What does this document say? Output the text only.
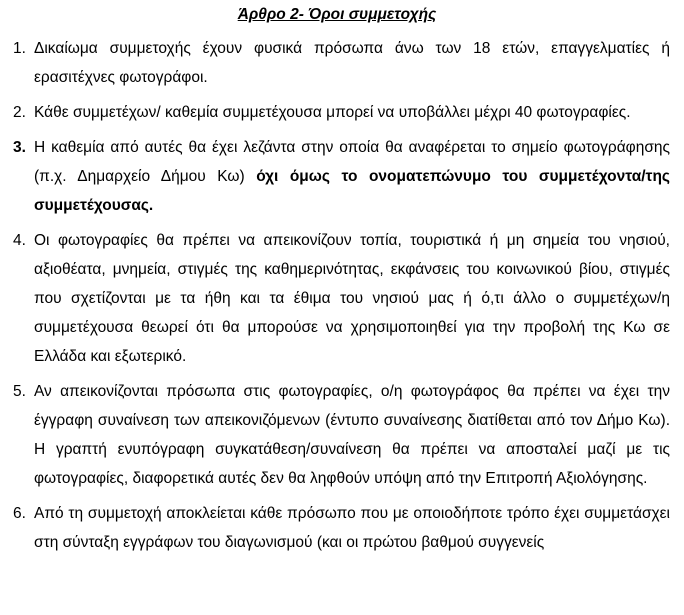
Άρθρο 2- Όροι συμμετοχής
1. Δικαίωμα συμμετοχής έχουν φυσικά πρόσωπα άνω των 18 ετών, επαγγελματίες ή ερασιτέχνες φωτογράφοι.
2. Κάθε συμμετέχων/ καθεμία συμμετέχουσα μπορεί να υποβάλλει μέχρι 40 φωτογραφίες.
3. Η καθεμία από αυτές θα έχει λεζάντα στην οποία θα αναφέρεται το σημείο φωτογράφησης (π.χ. Δημαρχείο Δήμου Κω) όχι όμως το ονοματεπώνυμο του συμμετέχοντα/της συμμετέχουσας.
4. Οι φωτογραφίες θα πρέπει να απεικονίζουν τοπία, τουριστικά ή μη σημεία του νησιού, αξιοθέατα, μνημεία, στιγμές της καθημερινότητας, εκφάνσεις του κοινωνικού βίου, στιγμές που σχετίζονται με τα ήθη και τα έθιμα του νησιού μας ή ό,τι άλλο ο συμμετέχων/η συμμετέχουσα θεωρεί ότι θα μπορούσε να χρησιμοποιηθεί για την προβολή της Κω σε Ελλάδα και εξωτερικό.
5. Αν απεικονίζονται πρόσωπα στις φωτογραφίες, ο/η φωτογράφος θα πρέπει να έχει την έγγραφη συναίνεση των απεικονιζόμενων (έντυπο συναίνεσης διατίθεται από τον Δήμο Κω). Η γραπτή ενυπόγραφη συγκατάθεση/συναίνεση θα πρέπει να αποσταλεί μαζί με τις φωτογραφίες, διαφορετικά αυτές δεν θα ληφθούν υπόψη από την Επιτροπή Αξιολόγησης.
6. Από τη συμμετοχή αποκλείεται κάθε πρόσωπο που με οποιοδήποτε τρόπο έχει συμμετάσχει στη σύνταξη εγγράφων του διαγωνισμού (και οι πρώτου βαθμού συγγενείς
